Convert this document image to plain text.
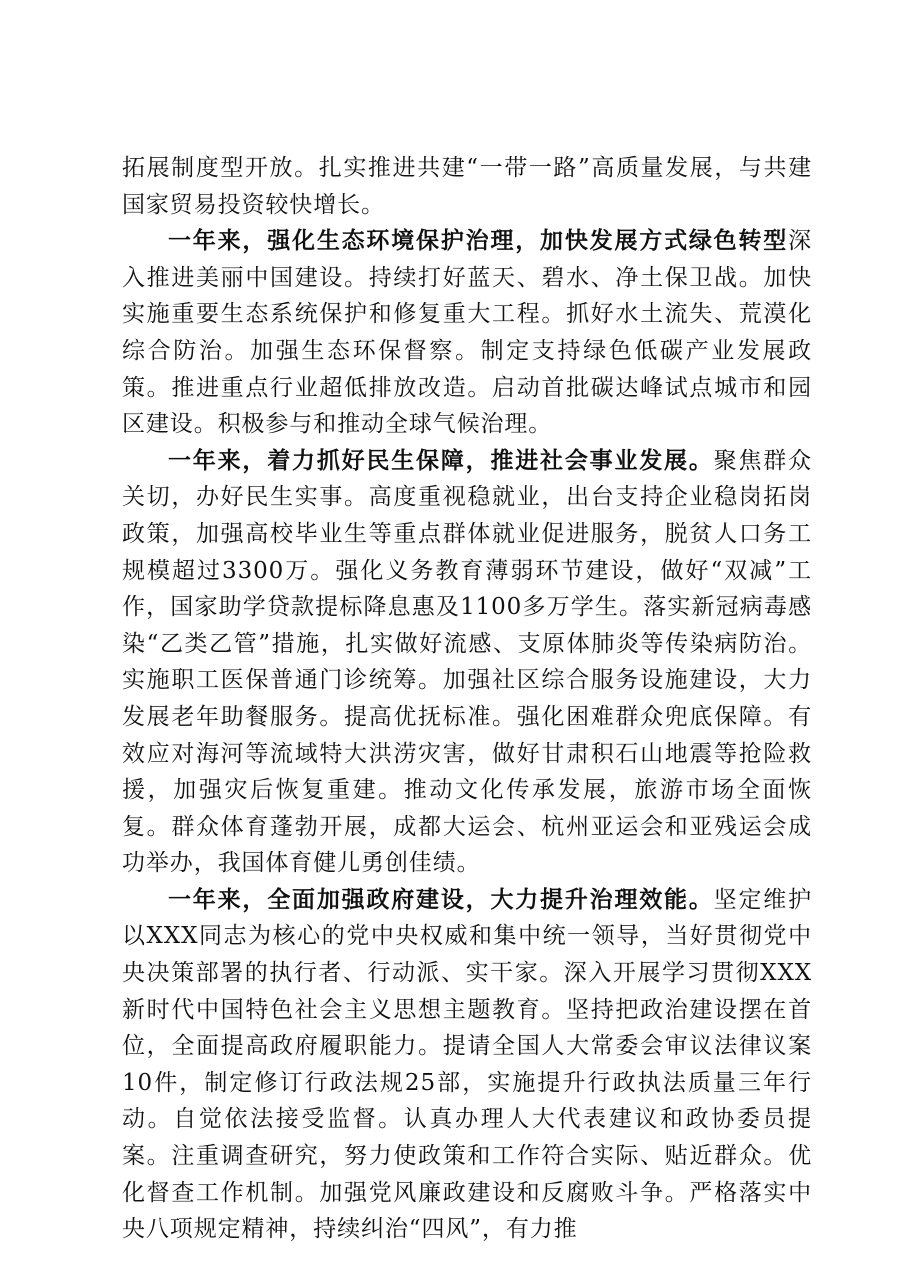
拓展制度型开放。扎实推进共建“一带一路”高质量发展，与共建国家贸易投资较快增长。

一年来，强化生态环境保护治理，加快发展方式绿色转型深入推进美丽中国建设。持续打好蓝天、碧水、净土保卫战。加快实施重要生态系统保护和修复重大工程。抓好水土流失、荒漠化综合防治。加强生态环保督察。制定支持绿色低碳产业发展政策。推进重点行业超低排放改造。启动首批碳达峰试点城市和园区建设。积极参与和推动全球气候治理。

一年来，着力抓好民生保障，推进社会事业发展。聚焦群众关切，办好民生实事。高度重视稳就业，出台支持企业稳岗拓岗政策，加强高校毕业生等重点群体就业促进服务，脱贫人口务工规模超过3300万。强化义务教育薄弱环节建设，做好“双减”工作，国家助学贷款提标降息惠及1100多万学生。落实新冠病毒感染“乙类乙管”措施，扎实做好流感、支原体肺炎等传染病防治。实施职工医保普通门诊统筹。加强社区综合服务设施建设，大力发展老年助餐服务。提高优抚标准。强化困难群众兜底保障。有效应对海河等流域特大洪涝灾害，做好甘肃积石山地震等抢险救援，加强灾后恢复重建。推动文化传承发展，旅游市场全面恢复。群众体育蓬勃开展，成都大运会、杭州亚运会和亚残运会成功举办，我国体育健儿勇创佳绩。

一年来，全面加强政府建设，大力提升治理效能。坚定维护以XXX同志为核心的党中央权威和集中统一领导，当好贯彻党中央决策部署的执行者、行动派、实干家。深入开展学习贯彻XXX新时代中国特色社会主义思想主题教育。坚持把政治建设摆在首位，全面提高政府履职能力。提请全国人大常委会审议法律议案10件，制定修订行政法规25部，实施提升行政执法质量三年行动。自觉依法接受监督。认真办理人大代表建议和政协委员提案。注重调查研究，努力使政策和工作符合实际、贴近群众。优化督查工作机制。加强党风廉政建设和反腐败斗争。严格落实中央八项规定精神，持续纠治“四风”，有力推
